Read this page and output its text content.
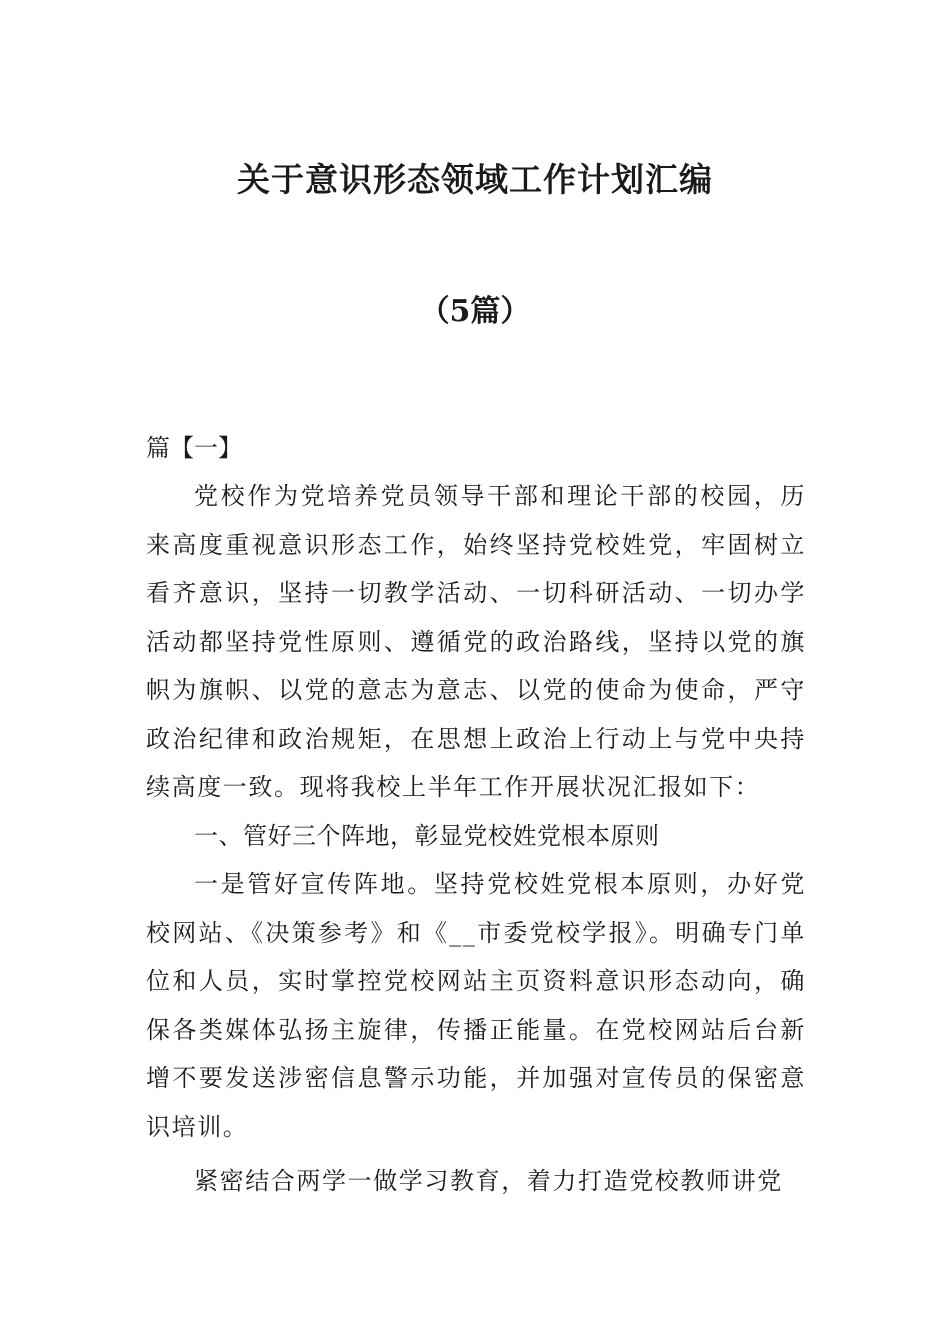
关于意识形态领域工作计划汇编
（5篇）

篇【一】

党校作为党培养党员领导干部和理论干部的校园，历来高度重视意识形态工作，始终坚持党校姓党，牢固树立看齐意识，坚持一切教学活动、一切科研活动、一切办学活动都坚持党性原则、遵循党的政治路线，坚持以党的旗帜为旗帜、以党的意志为意志、以党的使命为使命，严守政治纪律和政治规矩，在思想上政治上行动上与党中央持续高度一致。现将我校上半年工作开展状况汇报如下：

一、管好三个阵地，彰显党校姓党根本原则

一是管好宣传阵地。坚持党校姓党根本原则，办好党校网站、《决策参考》和《__市委党校学报》。明确专门单位和人员，实时掌控党校网站主页资料意识形态动向，确保各类媒体弘扬主旋律，传播正能量。在党校网站后台新增不要发送涉密信息警示功能，并加强对宣传员的保密意识培训。

紧密结合两学一做学习教育，着力打造党校教师讲党
